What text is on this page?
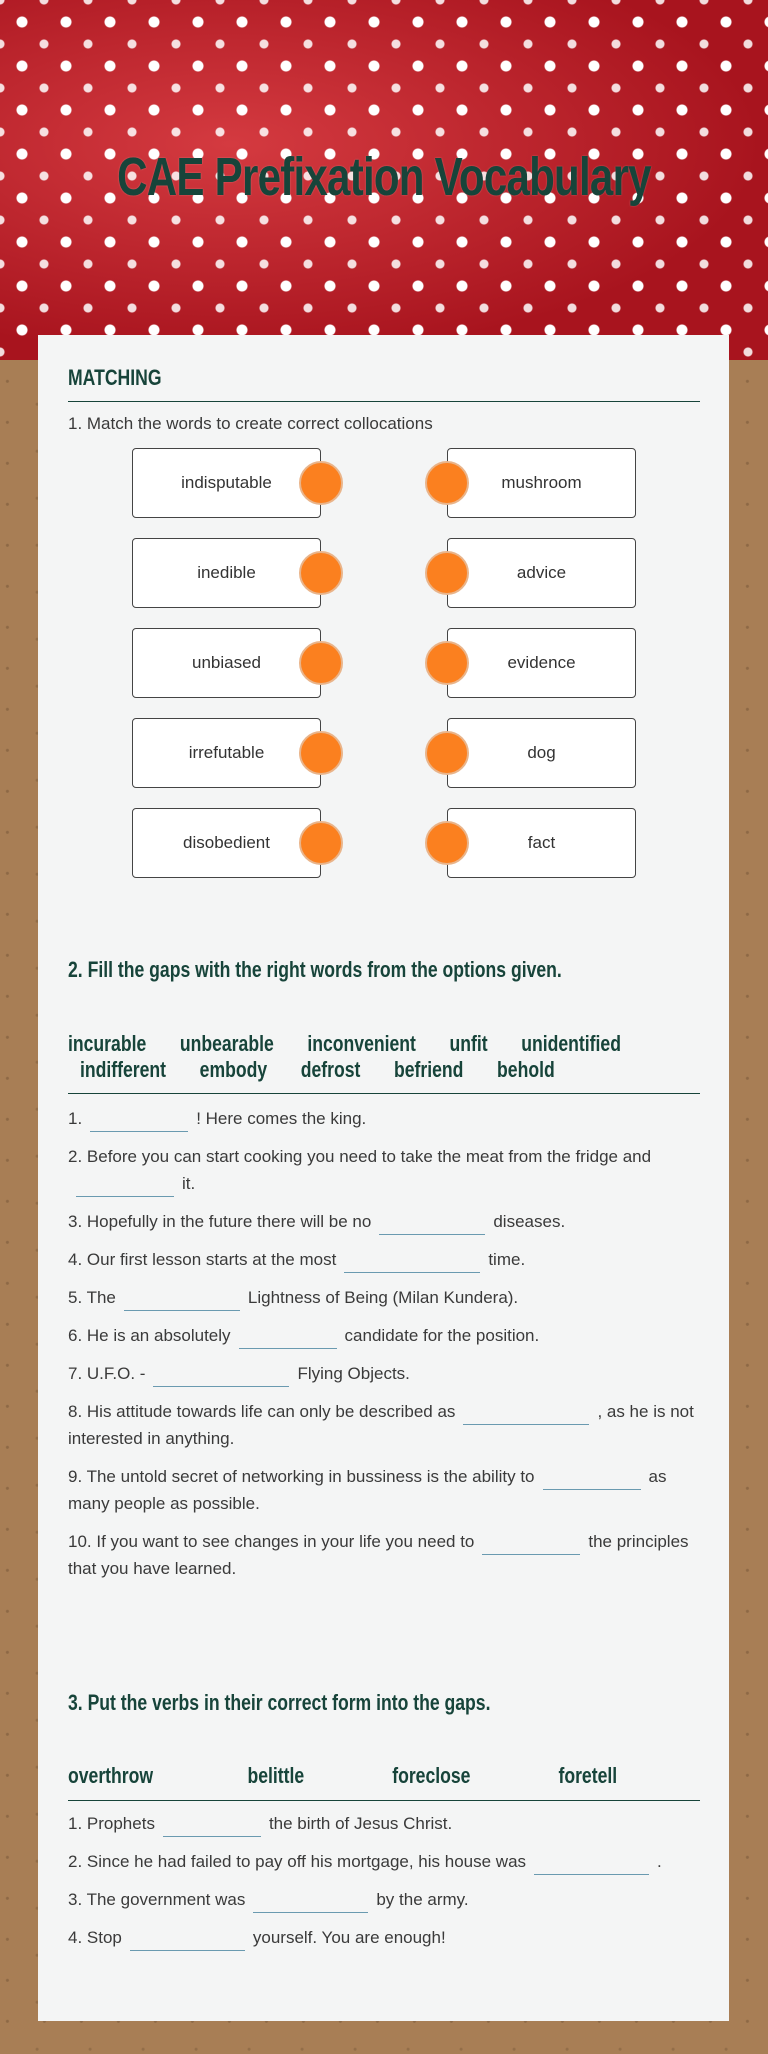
CAE Prefixation Vocabulary
MATCHING
1. Match the words to create correct collocations
indisputable	mushroom
inedible	advice
unbiased	evidence
irrefutable	dog
disobedient	fact
2. Fill the gaps with the right words from the options given.
incurable unbearable inconvenient unfit unidentified
indifferent embody defrost befriend behold

1.	! Here comes the king.

2. Before you can start cooking you need to take the meat from the fridge andit.

3. Hopefully in the future there will be no	diseases.

4. Our first lesson starts at the most	time.

5. The	Lightness of Being (Milan Kundera).

6. He is an absolutely	candidate for the position.

7. U.F.O. -	Flying Objects.

8. His attitude towards life can only be described as	, as he is not interested in anything.

9. The untold secret of networking in bussiness is the ability to	as many people as possible.

10. If you want to see changes in your life you need to	the principles that you have learned.

3. Put the verbs in their correct form into the gaps.
overthrow	belittle	foreclose	foretell

1. Prophets	the birth of Jesus Christ.

2. Since he had failed to pay off his mortgage, his house was	.

3. The government was	by the army.

4. Stop	yourself. You are enough!
